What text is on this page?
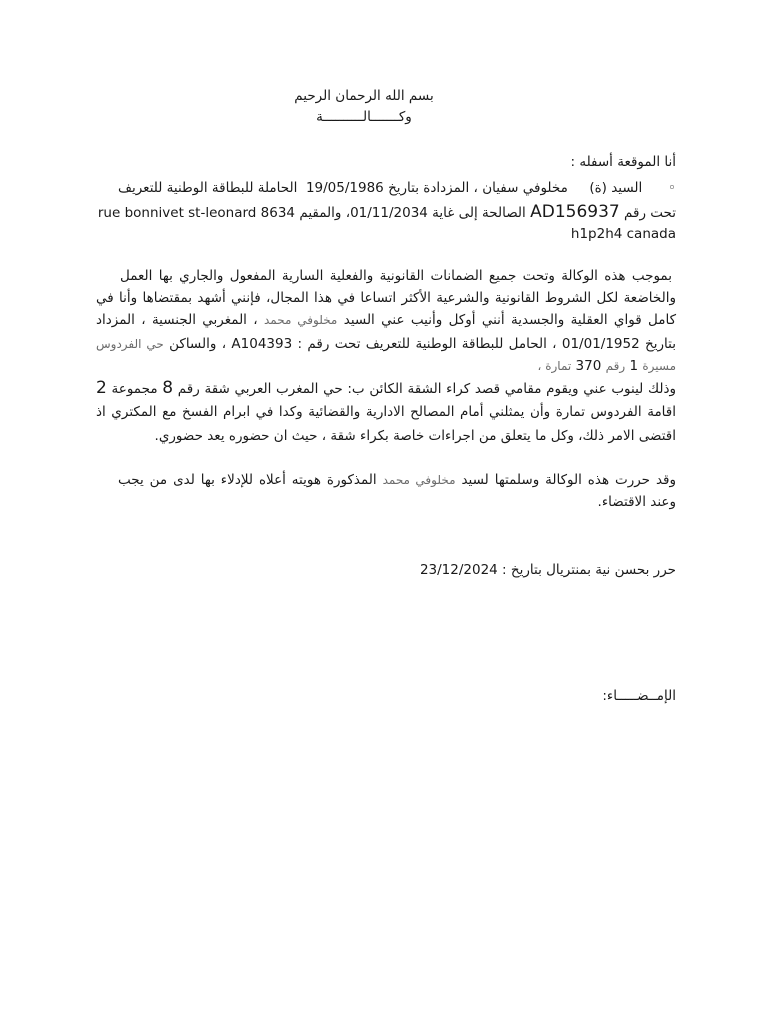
بسم الله الرحمان الرحيم
وكـــــــالــــــــــة
أنا الموقعة أسفله :
◦      السيد (ة)     مخلوفي سفيان ، المزدادة بتاريخ 19/05/1986  الحاملة للبطاقة الوطنية للتعريف
تحت رقم AD156937 الصالحة إلى غاية 01/11/2034، والمقيم rue bonnivet st-leonard 8634
h1p2h4 canada
بموجب هذه الوكالة وتحت جميع الضمانات القانونية والفعلية السارية المفعول والجاري بها العمل
والخاضعة لكل الشروط القانونية والشرعية الأكثر اتساعا في هذا المجال، فإنني أشهد بمقتضاها وأنا في
كامل قواي العقلية والجسدية أنني أوكل وأنيب عني السيد مخلوفي محمد ، المغربي الجنسية ، المزداد
بتاريخ 01/01/1952 ، الحامل للبطاقة الوطنية للتعريف تحت رقم : A104393 ، والساكن حي الفردوس
مسيرة 1 رقم 370 تمارة ،
وذلك لينوب عني ويقوم مقامي قصد كراء الشقة الكائن ب: حي المغرب العربي شقة رقم 8 مجموعة 2
اقامة الفردوس تمارة وأن يمثلني أمام المصالح الادارية والقضائية وكدا في ابرام الفسخ مع المكتري اذ
اقتضى الامر ذلك، وكل ما يتعلق من اجراءات خاصة بكراء شقة ، حيث ان حضوره يعد حضوري.
وقد حررت هذه الوكالة وسلمتها لسيد مخلوفي محمد المذكورة هويته أعلاه للإدلاء بها لدى من يجب
وعند الاقتضاء.
حرر بحسن نية بمنتريال بتاريخ : 23/12/2024
الإمــضـــــاء:
